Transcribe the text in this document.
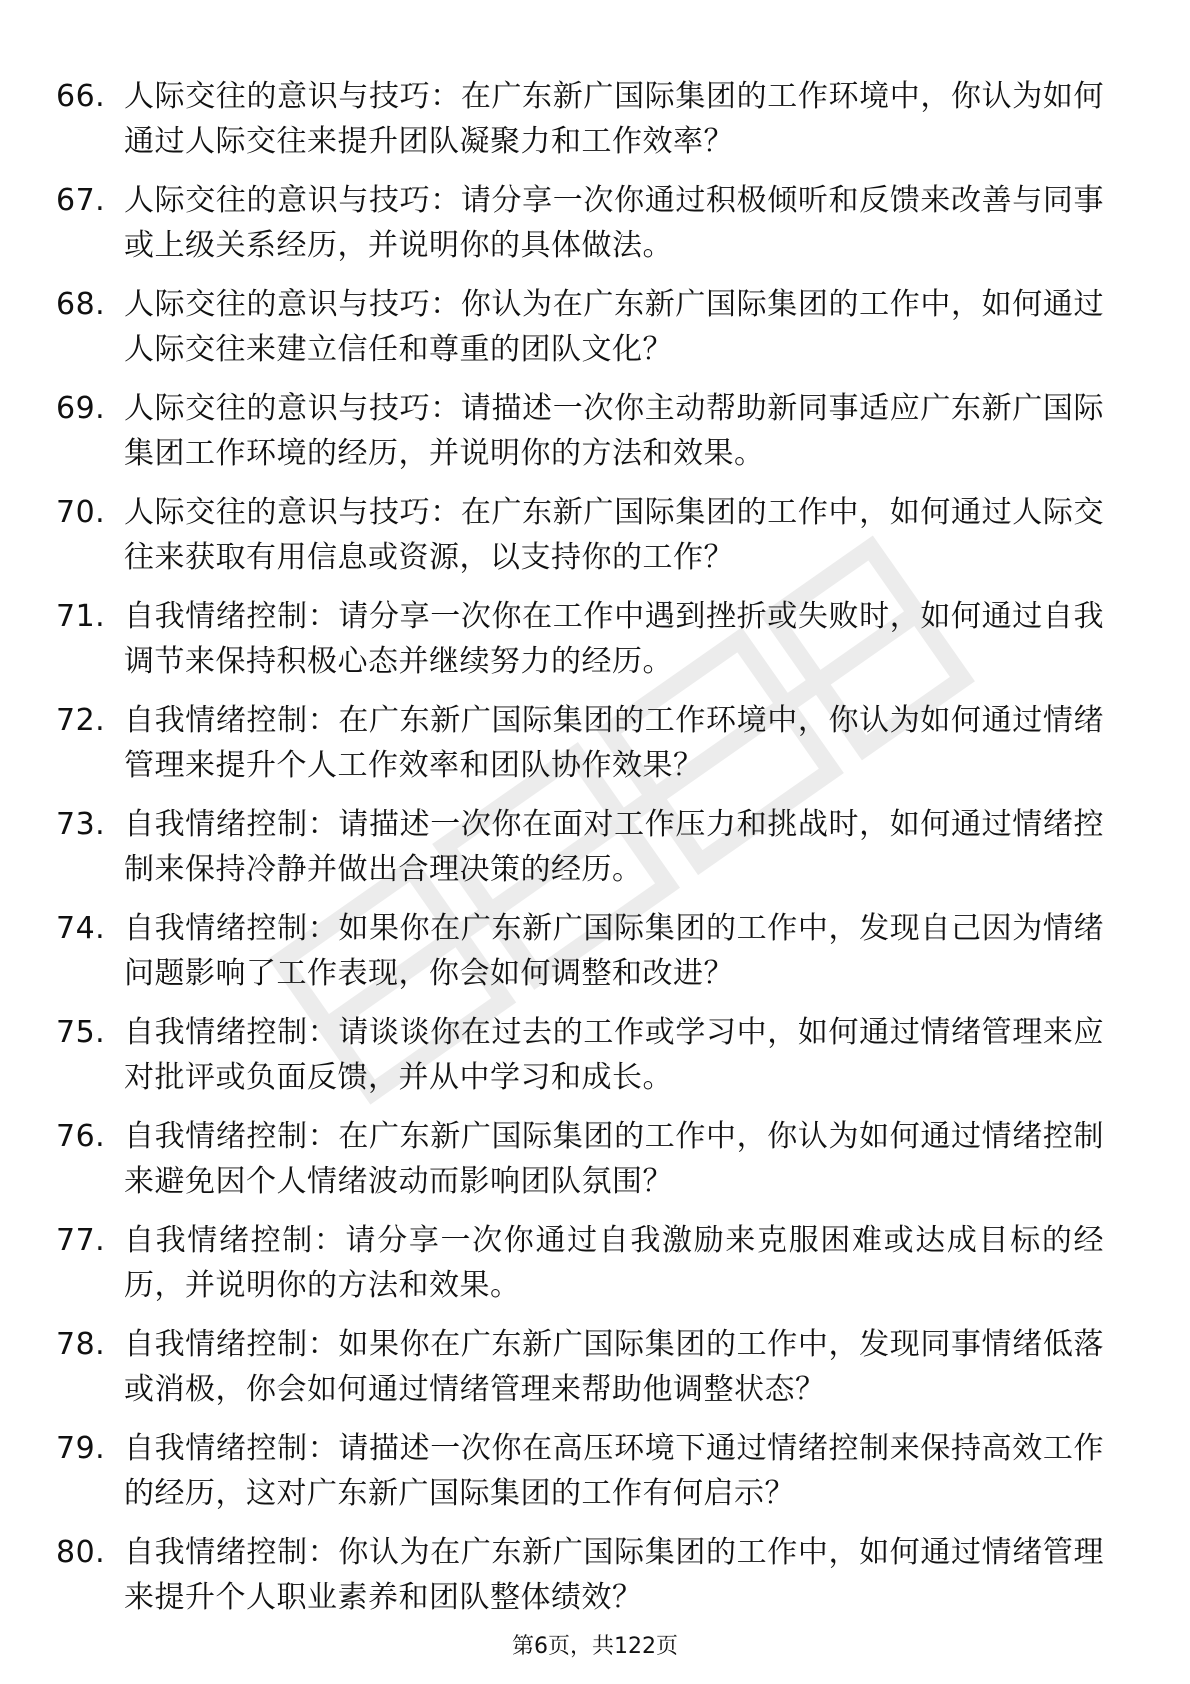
66. 人际交往的意识与技巧：在广东新广国际集团的工作环境中，你认为如何通过人际交往来提升团队凝聚力和工作效率？
67. 人际交往的意识与技巧：请分享一次你通过积极倾听和反馈来改善与同事或上级关系经历，并说明你的具体做法。
68. 人际交往的意识与技巧：你认为在广东新广国际集团的工作中，如何通过人际交往来建立信任和尊重的团队文化？
69. 人际交往的意识与技巧：请描述一次你主动帮助新同事适应广东新广国际集团工作环境的经历，并说明你的方法和效果。
70. 人际交往的意识与技巧：在广东新广国际集团的工作中，如何通过人际交往来获取有用信息或资源，以支持你的工作？
71. 自我情绪控制：请分享一次你在工作中遇到挫折或失败时，如何通过自我调节来保持积极心态并继续努力的经历。
72. 自我情绪控制：在广东新广国际集团的工作环境中，你认为如何通过情绪管理来提升个人工作效率和团队协作效果？
73. 自我情绪控制：请描述一次你在面对工作压力和挑战时，如何通过情绪控制来保持冷静并做出合理决策的经历。
74. 自我情绪控制：如果你在广东新广国际集团的工作中，发现自己因为情绪问题影响了工作表现，你会如何调整和改进？
75. 自我情绪控制：请谈谈你在过去的工作或学习中，如何通过情绪管理来应对批评或负面反馈，并从中学习和成长。
76. 自我情绪控制：在广东新广国际集团的工作中，你认为如何通过情绪控制来避免因个人情绪波动而影响团队氛围？
77. 自我情绪控制：请分享一次你通过自我激励来克服困难或达成目标的经历，并说明你的方法和效果。
78. 自我情绪控制：如果你在广东新广国际集团的工作中，发现同事情绪低落或消极，你会如何通过情绪管理来帮助他调整状态？
79. 自我情绪控制：请描述一次你在高压环境下通过情绪控制来保持高效工作的经历，这对广东新广国际集团的工作有何启示？
80. 自我情绪控制：你认为在广东新广国际集团的工作中，如何通过情绪管理来提升个人职业素养和团队整体绩效？
第6页，共122页
